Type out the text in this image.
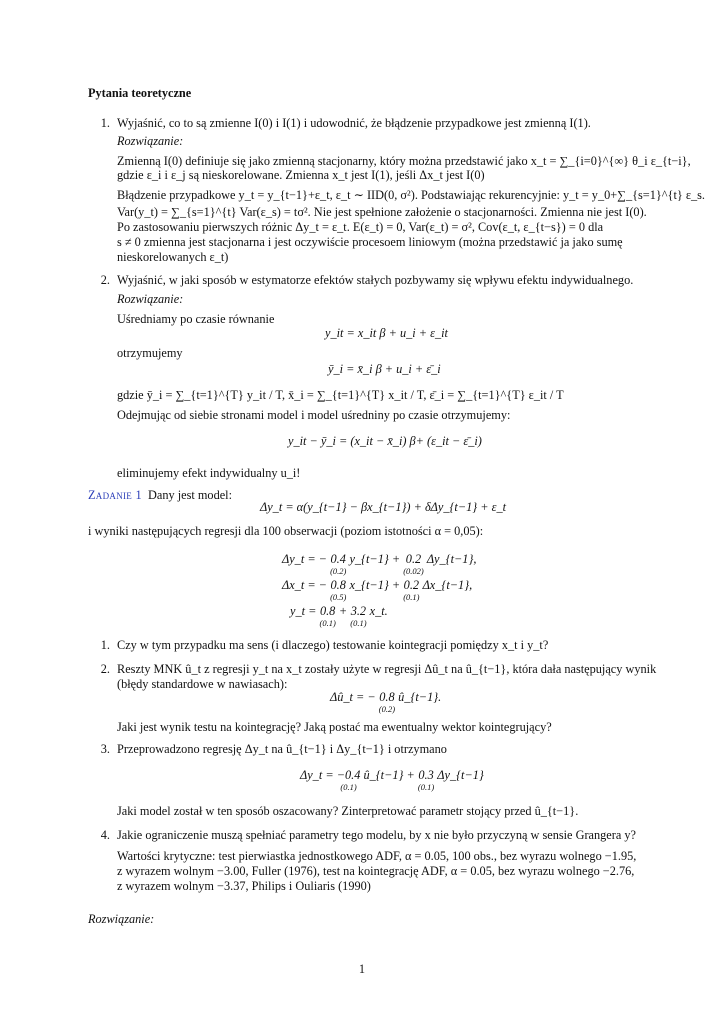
Pytania teoretyczne
1. Wyjaśnić, co to są zmienne I(0) i I(1) i udowodnić, że błądzenie przypadkowe jest zmienną I(1).
Rozwiązanie:
Zmienną I(0) definiuje się jako zmienną stacjonarny, który można przedstawić jako x_t = ∑_{i=0}^{∞} θ_i ε_{t−i},
gdzie ε_i i ε_j są nieskorelowane. Zmienna x_t jest I(1), jeśli Δx_t jest I(0)
Błądzenie przypadkowe y_t = y_{t−1}+ε_t, ε_t ∼ IID(0, σ²). Podstawiając rekurencyjnie: y_t = y_0+∑_{s=1}^{t} ε_s.
Var(y_t) = ∑_{s=1}^{t} Var(ε_s) = tσ². Nie jest spełnione założenie o stacjonarności. Zmienna nie jest I(0).
Po zastosowaniu pierwszych różnic Δy_t = ε_t. E(ε_t) = 0, Var(ε_t) = σ², Cov(ε_t, ε_{t−s}) = 0 dla
s ≠ 0 zmienna jest stacjonarna i jest oczywiście procesoem liniowym (można przedstawić ja jako sumę
nieskorelowanych ε_t)
2. Wyjaśnić, w jaki sposób w estymatorze efektów stałych pozbywamy się wpływu efektu indywidualnego.
Rozwiązanie:
Uśredniamy po czasie równanie
y_it = x_it β + u_i + ε_it
otrzymujemy
ȳ_i = x̄_i β + u_i + ε̄_i
gdzie ȳ_i = ∑_{t=1}^{T} y_it / T, x̄_i = ∑_{t=1}^{T} x_it / T, ε̄_i = ∑_{t=1}^{T} ε_it / T
Odejmując od siebie stronami model i model uśredniny po czasie otrzymujemy:
y_it − ȳ_i = (x_it − x̄_i) β+ (ε_it − ε̄_i)
eliminujemy efekt indywidualny u_i!
Zadanie 1 Dany jest model:
Δy_t = α(y_{t−1} − βx_{t−1}) + δΔy_{t−1} + ε_t
i wyniki następujących regresji dla 100 obserwacji (poziom istotności α = 0,05):
Δy_t = − 0.4
(0.2)
y_{t−1} + 0.2
(0.02)
Δy_{t−1},
Δx_t = − 0.8
(0.5)
x_{t−1} + 0.2
(0.1)
Δx_{t−1},
y_t = 0.8
(0.1)
+ 3.2
(0.1)
x_t.
1. Czy w tym przypadku ma sens (i dlaczego) testowanie kointegracji pomiędzy x_t i y_t?
2. Reszty MNK û_t z regresji y_t na x_t zostały użyte w regresji Δû_t na û_{t−1}, która dała następujący wynik
(błędy standardowe w nawiasach):
Δû_t = − 0.8
(0.2)
û_{t−1}.
Jaki jest wynik testu na kointegrację? Jaką postać ma ewentualny wektor kointegrujący?
3. Przeprowadzono regresję Δy_t na û_{t−1} i Δy_{t−1} i otrzymano
Δy_t = −0.4
(0.1)
û_{t−1} + 0.3
(0.1)
Δy_{t−1}
Jaki model został w ten sposób oszacowany? Zinterpretować parametr stojący przed û_{t−1}.
4. Jakie ograniczenie muszą spełniać parametry tego modelu, by x nie było przyczyną w sensie Grangera y?
Wartości krytyczne: test pierwiastka jednostkowego ADF, α = 0.05, 100 obs., bez wyrazu wolnego −1.95,
z wyrazem wolnym −3.00, Fuller (1976), test na kointegrację ADF, α = 0.05, bez wyrazu wolnego −2.76,
z wyrazem wolnym −3.37, Philips i Ouliaris (1990)
Rozwiązanie:
1
